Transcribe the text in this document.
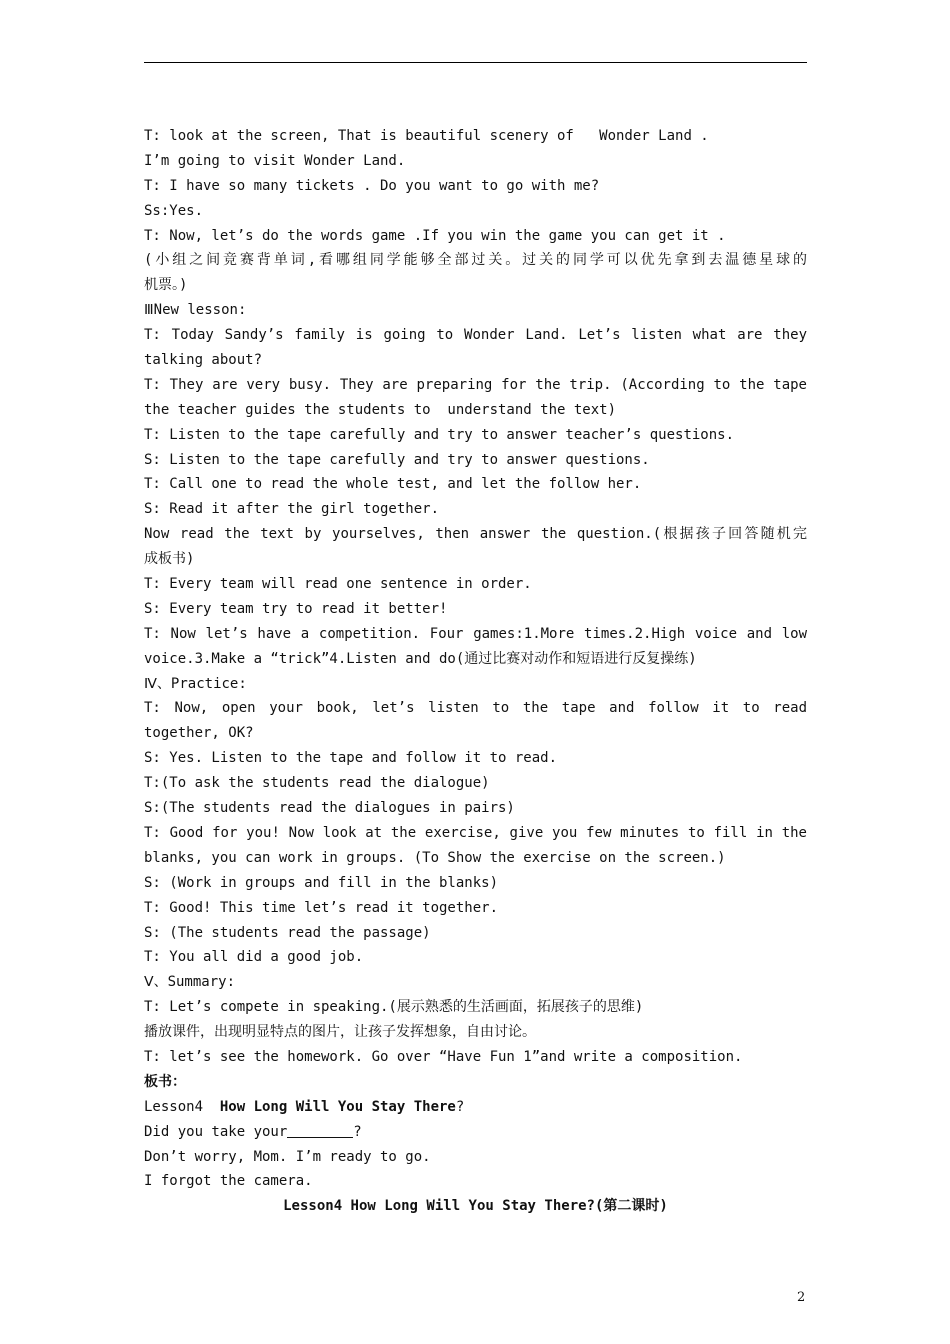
T: look at the screen, That is beautiful scenery of   Wonder Land .
I’m going to visit Wonder Land.
T: I have so many tickets . Do you want to go with me?
Ss:Yes.
T: Now, let’s do the words game .If you win the game you can get it .
(小组之间竞赛背单词,看哪组同学能够全部过关。过关的同学可以优先拿到去温德星球的
机票。)
ⅢNew lesson:
T: Today Sandy’s family is going to Wonder Land. Let’s listen what are they
talking about?
T: They are very busy. They are preparing for the trip. (According to the tape
the teacher guides the students to  understand the text)
T: Listen to the tape carefully and try to answer teacher’s questions.
S: Listen to the tape carefully and try to answer questions.
T: Call one to read the whole test, and let the follow her.
S: Read it after the girl together.
Now read the text by yourselves, then answer the question.(根据孩子回答随机完
成板书)
T: Every team will read one sentence in order.
S: Every team try to read it better!
T: Now let’s have a competition. Four games:1.More times.2.High voice and low
voice.3.Make a “trick”4.Listen and do(通过比赛对动作和短语进行反复操练)
Ⅳ、Practice:
T: Now, open your book, let’s listen to the tape and follow it to read
together, OK?
S: Yes. Listen to the tape and follow it to read.
T:(To ask the students read the dialogue)
S:(The students read the dialogues in pairs)
T: Good for you! Now look at the exercise, give you few minutes to fill in the
blanks, you can work in groups. (To Show the exercise on the screen.)
S: (Work in groups and fill in the blanks)
T: Good! This time let’s read it together.
S: (The students read the passage)
T: You all did a good job.
Ⅴ、Summary:
T: Let’s compete in speaking.(展示熟悉的生活画面，拓展孩子的思维)
播放课件，出现明显特点的图片，让孩子发挥想象，自由讨论。
T: let’s see the homework. Go over “Have Fun 1”and write a composition.
板书：
Lesson4  How Long Will You Stay There?
Did you take your	?
Don’t worry, Mom. I’m ready to go.
I forgot the camera.
Lesson4 How Long Will You Stay There?(第二课时)
2
